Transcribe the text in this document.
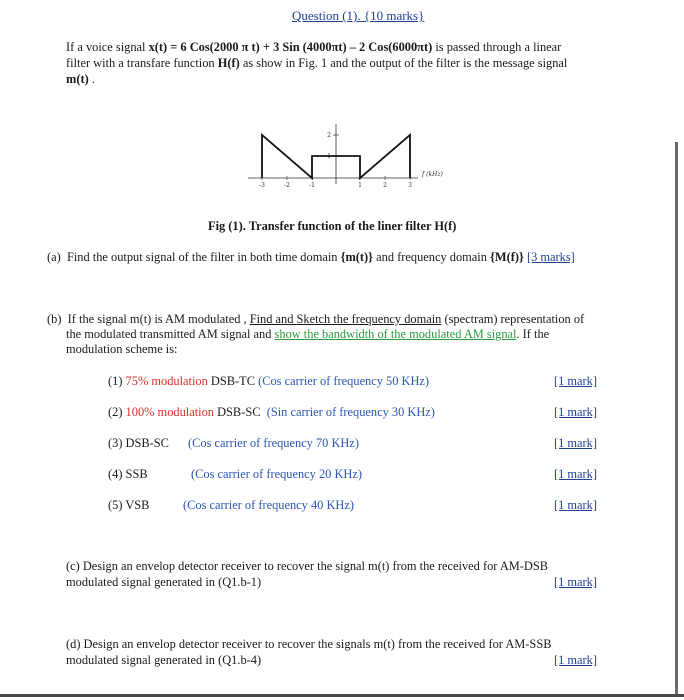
Question (1). {10 marks}
If a voice signal x(t) = 6 Cos(2000 π t) + 3 Sin (4000πt) – 2 Cos(6000πt) is passed through a linear
filter with a transfare function H(f) as show in Fig. 1 and the output of the filter is the message signal
m(t) .
2
1
-3	-2	-1	1	2	3
f (kHz)
Fig (1). Transfer function of the liner filter H(f)
(a) Find the output signal of the filter in both time domain {m(t)} and frequency domain {M(f)} [3 marks]
(b) If the signal m(t) is AM modulated , Find and Sketch the frequency domain (spectram) representation of
the modulated transmitted AM signal and show the bandwidth of the modulated AM signal. If the
modulation scheme is:
(1) 75% modulation DSB-TC (Cos carrier of frequency 50 KHz)	[1 mark]
(2) 100% modulation DSB-SC  (Sin carrier of frequency 30 KHz)	[1 mark]
(3) DSB-SC (Cos carrier of frequency 70 KHz)	[1 mark]
(4) SSB	(Cos carrier of frequency 20 KHz)	[1 mark]
(5) VSB	(Cos carrier of frequency 40 KHz)	[1 mark]
(c) Design an envelop detector receiver to recover the signal m(t) from the received for AM-DSB
modulated signal generated in (Q1.b-1)	[1 mark]
(d) Design an envelop detector receiver to recover the signals m(t) from the received for AM-SSB
modulated signal generated in (Q1.b-4)	[1 mark]
